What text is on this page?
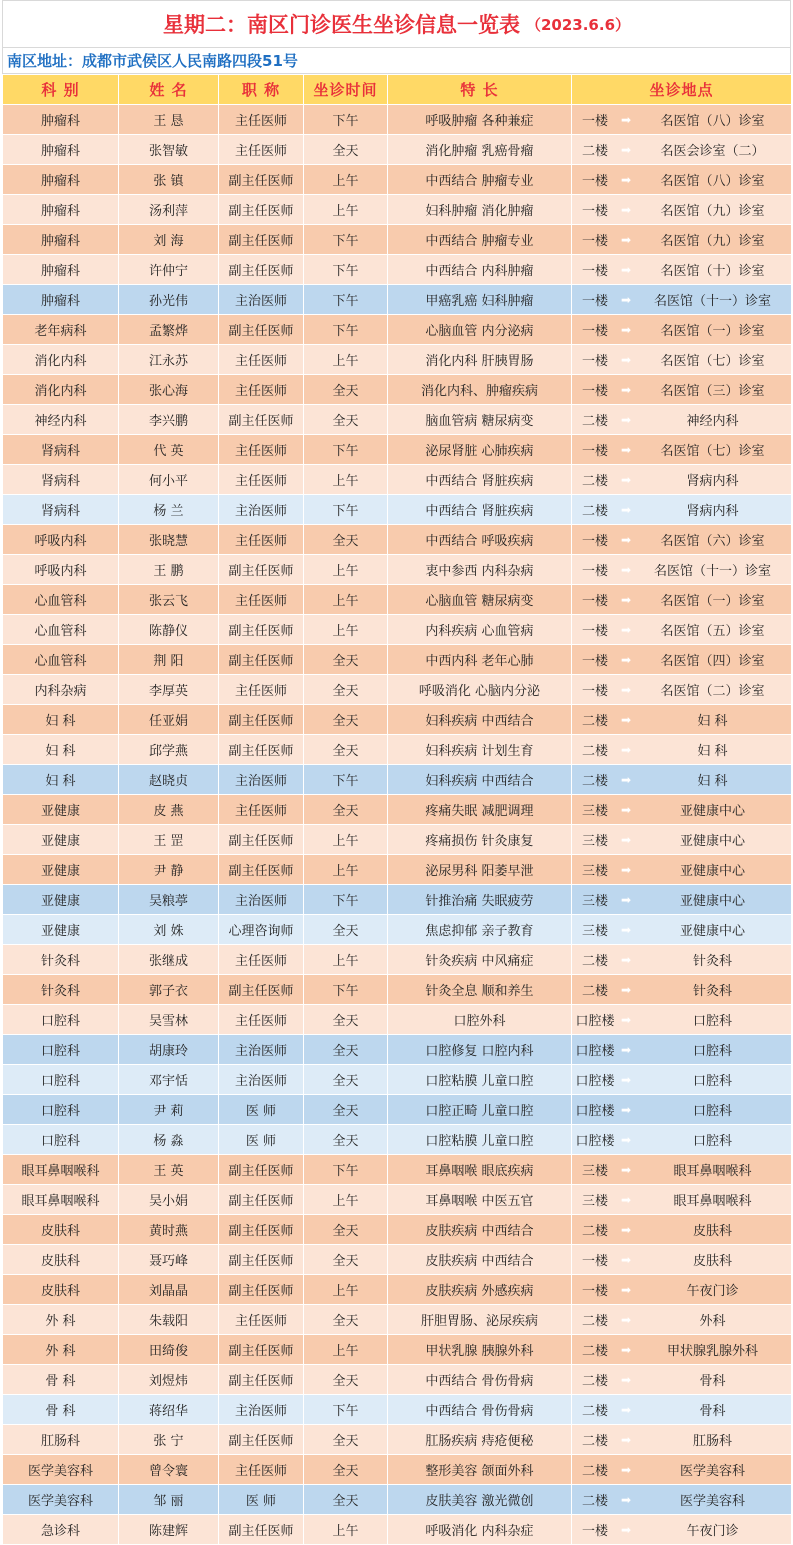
星期二：南区门诊医生坐诊信息一览表 （2023.6.6）
南区地址：成都市武侯区人民南路四段51号
科 别	姓 名	职 称	坐诊时间	特 长	坐诊地点
肿瘤科	王 恳	主任医师	下午	呼吸肿瘤 各种兼症	一楼 ➡ 名医馆（八）诊室

肿瘤科	张智敏	主任医师	全天	消化肿瘤 乳癌骨瘤	二楼 ➡ 名医会诊室（二）

肿瘤科	张 镇	副主任医师	上午	中西结合 肿瘤专业	一楼 ➡ 名医馆（八）诊室

肿瘤科	汤利萍	副主任医师	上午	妇科肿瘤 消化肿瘤	一楼 ➡ 名医馆（九）诊室

肿瘤科	刘 海	副主任医师	下午	中西结合 肿瘤专业	一楼 ➡ 名医馆（九）诊室

肿瘤科	许仲宁	副主任医师	下午	中西结合 内科肿瘤	一楼 ➡ 名医馆（十）诊室

肿瘤科	孙光伟	主治医师	下午	甲癌乳癌 妇科肿瘤	一楼 ➡ 名医馆（十一）诊室

老年病科	孟繁烨	副主任医师	下午	心脑血管 内分泌病	一楼 ➡ 名医馆（一）诊室

消化内科	江永苏	主任医师	上午	消化内科 肝胰胃肠	一楼 ➡ 名医馆（七）诊室

消化内科	张心海	主任医师	全天	消化内科、肿瘤疾病	一楼 ➡ 名医馆（三）诊室

神经内科	李兴鹏	副主任医师	全天	脑血管病 糖尿病变	二楼 ➡ 神经内科

肾病科	代 英	主任医师	下午	泌尿肾脏 心肺疾病	一楼 ➡ 名医馆（七）诊室

肾病科	何小平	主任医师	上午	中西结合 肾脏疾病	二楼 ➡ 肾病内科

肾病科	杨 兰	主治医师	下午	中西结合 肾脏疾病	二楼 ➡ 肾病内科

呼吸内科	张晓慧	主任医师	全天	中西结合 呼吸疾病	一楼 ➡ 名医馆（六）诊室

呼吸内科	王 鹏	副主任医师	上午	衷中参西 内科杂病	一楼 ➡ 名医馆（十一）诊室

心血管科	张云飞	主任医师	上午	心脑血管 糖尿病变	一楼 ➡ 名医馆（一）诊室

心血管科	陈静仪	副主任医师	上午	内科疾病 心血管病	一楼 ➡ 名医馆（五）诊室

心血管科	荆 阳	副主任医师	全天	中西内科 老年心肺	一楼 ➡ 名医馆（四）诊室

内科杂病	李厚英	主任医师	全天	呼吸消化 心脑内分泌	一楼 ➡ 名医馆（二）诊室

妇 科	任亚娟	副主任医师	全天	妇科疾病 中西结合	二楼 ➡ 妇 科

妇 科	邱学燕	副主任医师	全天	妇科疾病 计划生育	二楼 ➡ 妇 科

妇 科	赵晓贞	主治医师	下午	妇科疾病 中西结合	二楼 ➡ 妇 科

亚健康	皮 燕	主任医师	全天	疼痛失眠 减肥调理	三楼 ➡ 亚健康中心

亚健康	王 罡	副主任医师	上午	疼痛损伤 针灸康复	三楼 ➡ 亚健康中心

亚健康	尹 静	副主任医师	上午	泌尿男科 阳萎早泄	三楼 ➡ 亚健康中心

亚健康	吴粮葶	主治医师	下午	针推治痛 失眠疲劳	三楼 ➡ 亚健康中心

亚健康	刘 姝	心理咨询师	全天	焦虑抑郁 亲子教育	三楼 ➡ 亚健康中心

针灸科	张继成	主任医师	上午	针灸疾病 中风痛症	二楼 ➡ 针灸科

针灸科	郭子衣	副主任医师	下午	针灸全息 顺和养生	二楼 ➡ 针灸科

口腔科	吴雪林	主任医师	全天	口腔外科	口腔楼 ➡ 口腔科

口腔科	胡康玲	主治医师	全天	口腔修复 口腔内科	口腔楼 ➡ 口腔科

口腔科	邓宇恬	主治医师	全天	口腔粘膜 儿童口腔	口腔楼 ➡ 口腔科

口腔科	尹 莉	医 师	全天	口腔正畸 儿童口腔	口腔楼 ➡ 口腔科

口腔科	杨 淼	医 师	全天	口腔粘膜 儿童口腔	口腔楼 ➡ 口腔科

眼耳鼻咽喉科	王 英	副主任医师	下午	耳鼻咽喉 眼底疾病	三楼 ➡ 眼耳鼻咽喉科

眼耳鼻咽喉科	吴小娟	副主任医师	上午	耳鼻咽喉 中医五官	三楼 ➡ 眼耳鼻咽喉科

皮肤科	黄时燕	副主任医师	全天	皮肤疾病 中西结合	二楼 ➡ 皮肤科

皮肤科	聂巧峰	副主任医师	全天	皮肤疾病 中西结合	一楼 ➡ 皮肤科

皮肤科	刘晶晶	副主任医师	上午	皮肤疾病 外感疾病	一楼 ➡ 午夜门诊

外 科	朱载阳	主任医师	全天	肝胆胃肠、泌尿疾病	二楼 ➡ 外科

外 科	田绮俊	副主任医师	上午	甲状乳腺 胰腺外科	二楼 ➡ 甲状腺乳腺外科

骨 科	刘煜炜	副主任医师	全天	中西结合 骨伤骨病	二楼 ➡ 骨科

骨 科	蒋绍华	主治医师	下午	中西结合 骨伤骨病	二楼 ➡ 骨科

肛肠科	张 宁	副主任医师	全天	肛肠疾病 痔疮便秘	二楼 ➡ 肛肠科

医学美容科	曾令寰	主任医师	全天	整形美容 颌面外科	二楼 ➡ 医学美容科

医学美容科	邹 丽	医 师	全天	皮肤美容 激光微创	二楼 ➡ 医学美容科

急诊科	陈建辉	副主任医师	上午	呼吸消化 内科杂症	一楼 ➡ 午夜门诊
